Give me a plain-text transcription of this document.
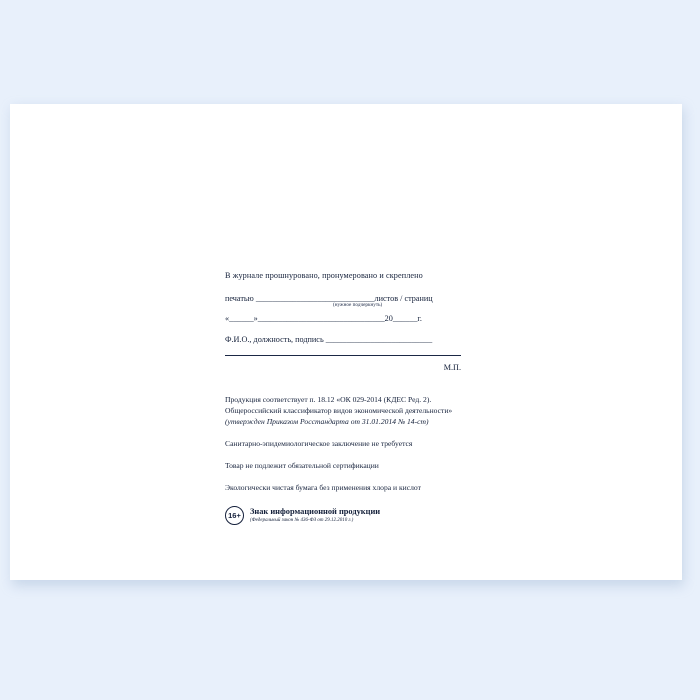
В журнале прошнуровано, пронумеровано и скреплено
печатью _____________________________листов / страниц
(нужное подчеркнуть)
«______»_______________________________20______г.
Ф.И.О., должность, подпись __________________________
М.П.
Продукция соответствует п. 18.12 «ОК 029-2014 (КДЕС Ред. 2).
Общероссийский классификатор видов экономической деятельности»
(утвержден Приказом Росстандарта от 31.01.2014 № 14-ст)
Санитарно-эпидемиологическое заключение не требуется
Товар не подлежит обязательной сертификации
Экологически чистая бумага без применения хлора и кислот
16+	Знак информационной продукции
(Федеральный закон № 436-ФЗ от 29.12.2010 г.)
